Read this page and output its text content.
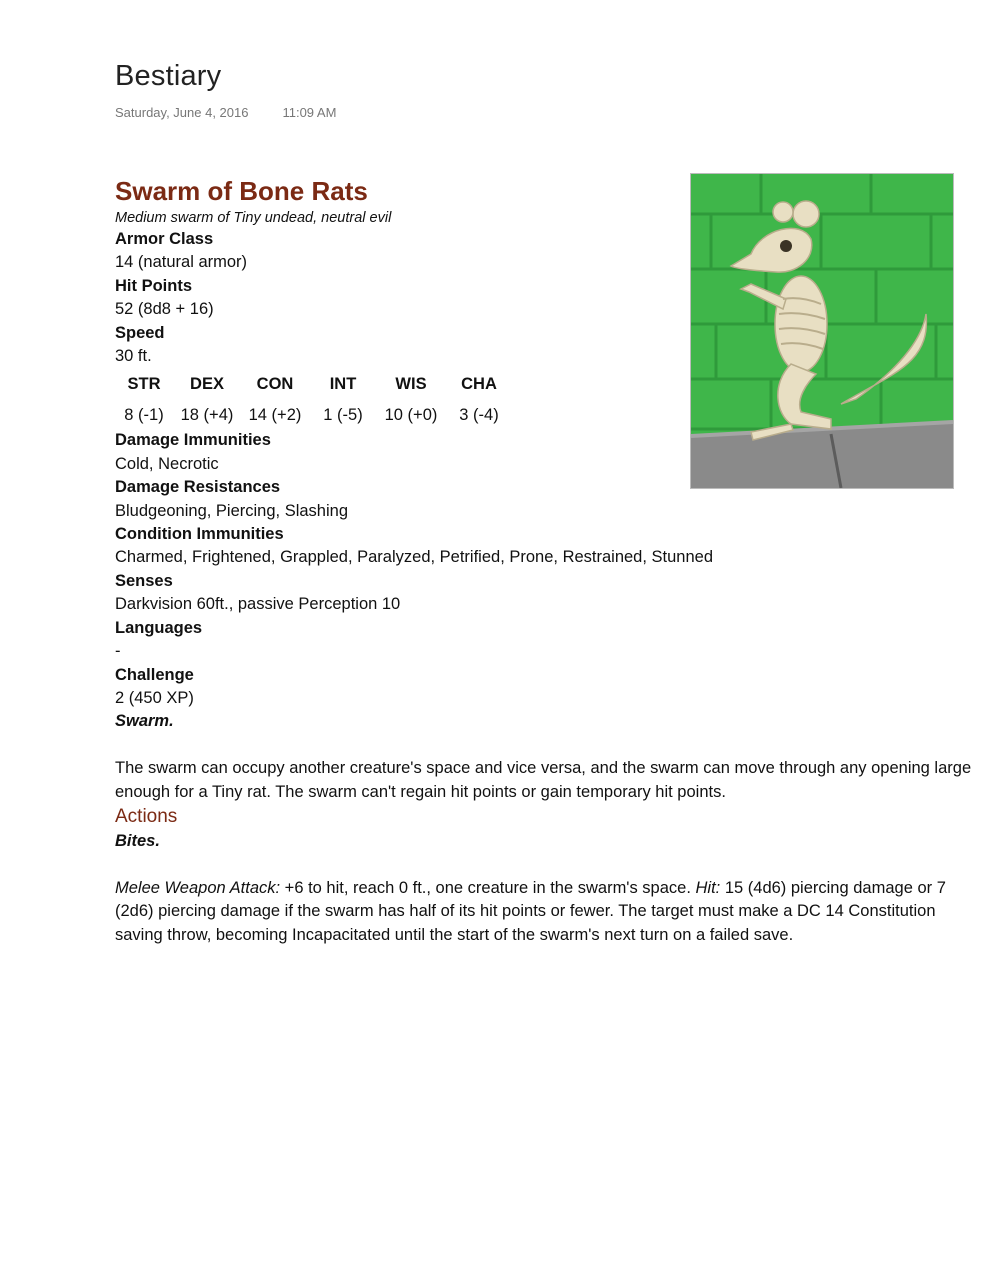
Bestiary
Saturday, June 4, 2016	11:09 AM
Swarm of Bone Rats
Medium swarm of Tiny undead, neutral evil
Armor Class
14 (natural armor)
Hit Points
52 (8d8 + 16)
Speed
30 ft.
STR
8 (-1)
DEX
18 (+4)
CON
14 (+2)
INT
1 (-5)
WIS
10 (+0)
CHA
3 (-4)
Damage Immunities
Cold, Necrotic
Damage Resistances
Bludgeoning, Piercing, Slashing
Condition Immunities
Charmed, Frightened, Grappled, Paralyzed, Petrified, Prone, Restrained, Stunned
Senses
Darkvision 60ft., passive Perception 10
Languages
-
Challenge
2 (450 XP)
Swarm.
The swarm can occupy another creature's space and vice versa, and the swarm can move through any opening large enough for a Tiny rat. The swarm can't regain hit points or gain temporary hit points.
Actions
Bites.
Melee Weapon Attack: +6 to hit, reach 0 ft., one creature in the swarm's space. Hit: 15 (4d6) piercing damage or 7 (2d6) piercing damage if the swarm has half of its hit points or fewer. The target must make a DC 14 Constitution saving throw, becoming Incapacitated until the start of the swarm's next turn on a failed save.
